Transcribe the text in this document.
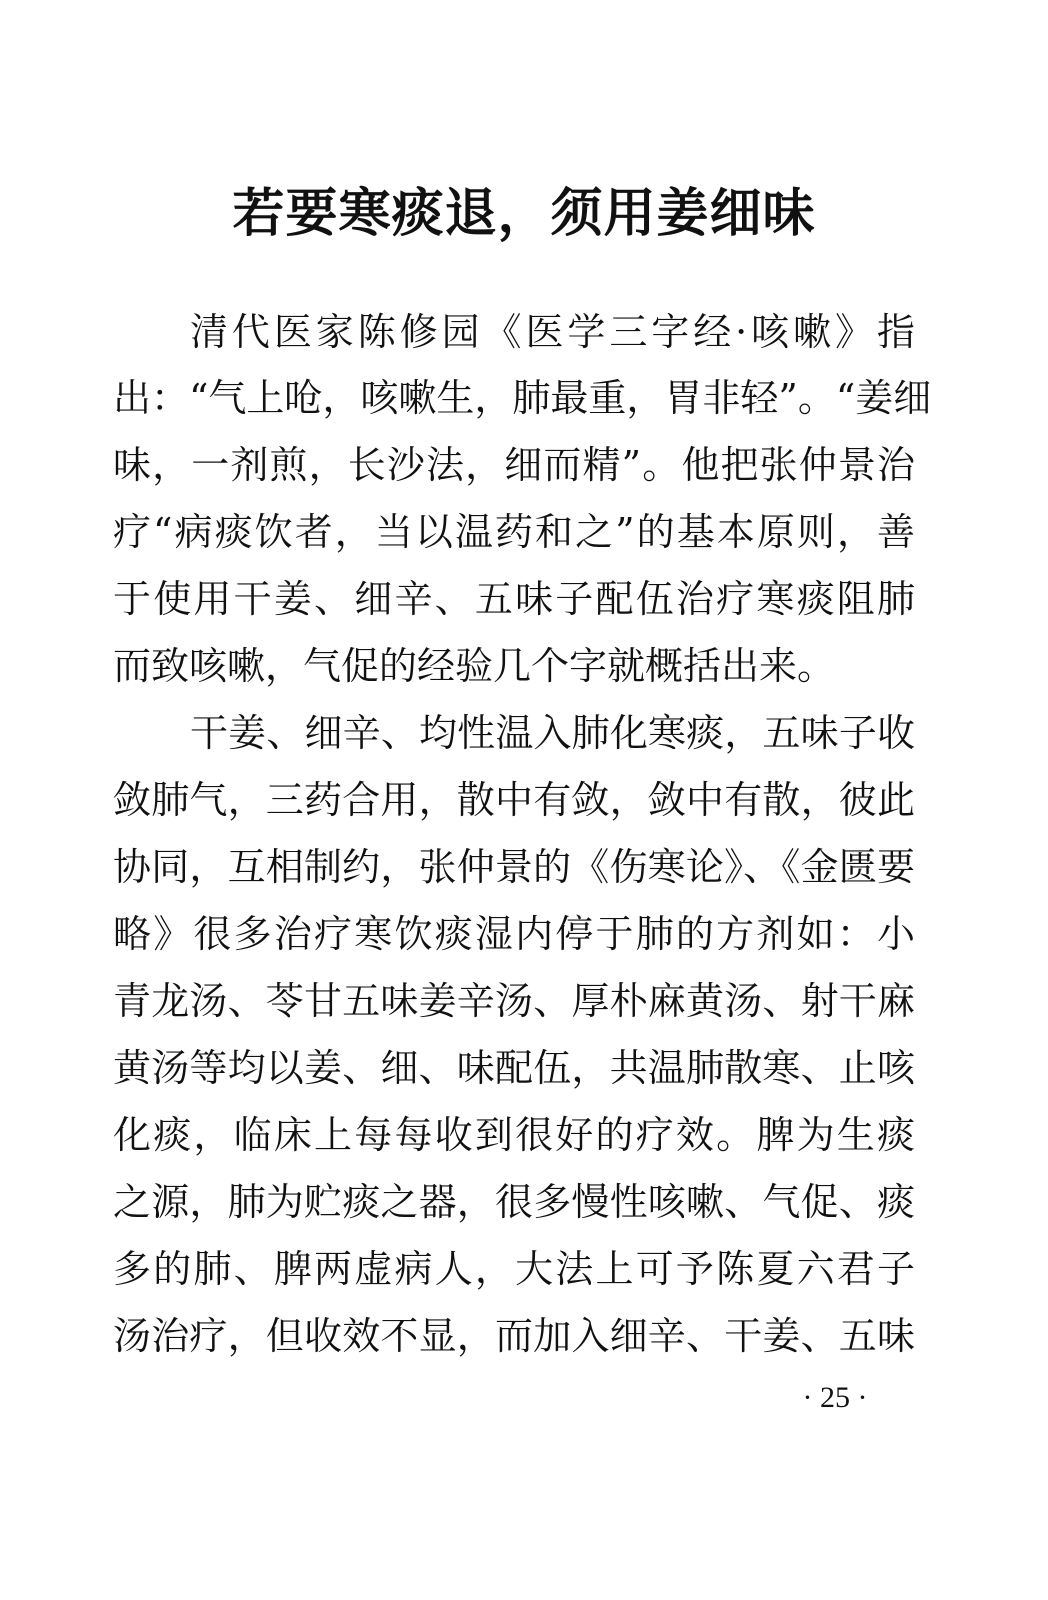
若要寒痰退，须用姜细味
清代医家陈修园《医学三字经·咳嗽》指
出：“气上呛，咳嗽生，肺最重，胃非轻”。“姜细
味，一剂煎，长沙法，细而精”。他把张仲景治
疗“病痰饮者，当以温药和之”的基本原则，善
于使用干姜、细辛、五味子配伍治疗寒痰阻肺
而致咳嗽，气促的经验几个字就概括出来。
干姜、细辛、均性温入肺化寒痰，五味子收
敛肺气，三药合用，散中有敛，敛中有散，彼此
协同，互相制约，张仲景的《伤寒论》、《金匮要
略》很多治疗寒饮痰湿内停于肺的方剂如：小
青龙汤、苓甘五味姜辛汤、厚朴麻黄汤、射干麻
黄汤等均以姜、细、味配伍，共温肺散寒、止咳
化痰，临床上每每收到很好的疗效。脾为生痰
之源，肺为贮痰之器，很多慢性咳嗽、气促、痰
多的肺、脾两虚病人，大法上可予陈夏六君子
汤治疗，但收效不显，而加入细辛、干姜、五味
· 25 ·
